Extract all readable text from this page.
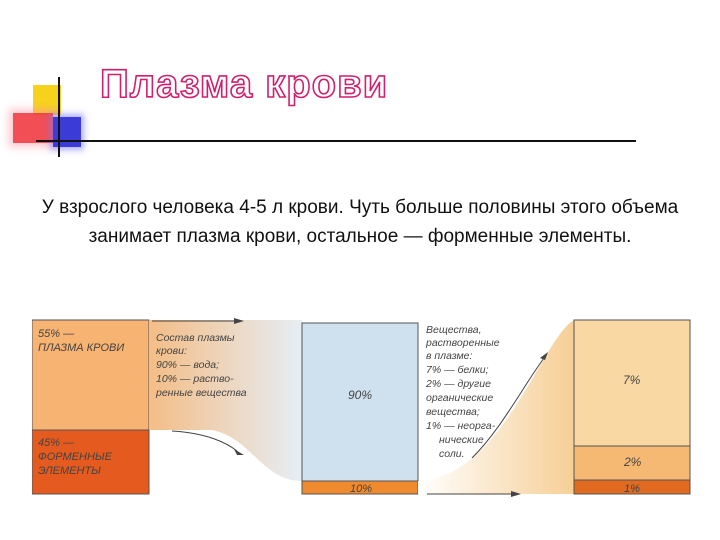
Плазма крови

У взрослого человека 4-5 л крови. Чуть больше половины этого объема занимает плазма крови, остальное — форменные элементы.

55% — ПЛАЗМА КРОВИ
45% — ФОРМЕННЫЕ ЭЛЕМЕНТЫ
Состав плазмы крови: 90% — вода; 10% — раство- ренные вещества	90%
10%
Вещества, растворенные в плазме: 7% — белки; 2% — другие органические вещества; 1% — неорга- нические соли.
7%
2%
1%
